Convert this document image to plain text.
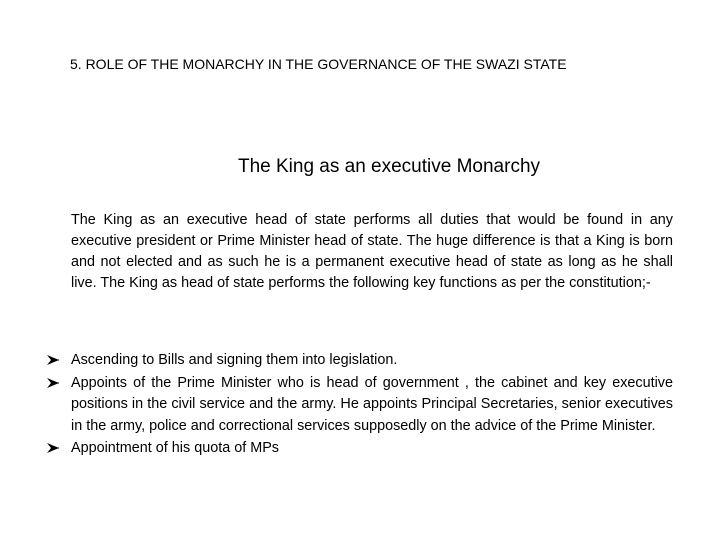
5. ROLE OF THE MONARCHY IN THE GOVERNANCE OF THE SWAZI STATE
The King as an executive Monarchy

The King as an executive head of state performs all duties that would be found in any executive president or Prime Minister head of state. The huge difference is that a King is born and not elected and as such he is a permanent executive head of state as long as he shall live. The King as head of state performs the following key functions as per the constitution;-

Ascending to Bills and signing them into legislation.
Appoints of the Prime Minister who is head of government , the cabinet and key executive positions in the civil service and the army. He appoints Principal Secretaries, senior executives in the army, police and correctional services supposedly on the advice of the Prime Minister.
Appointment of his quota of MPs
